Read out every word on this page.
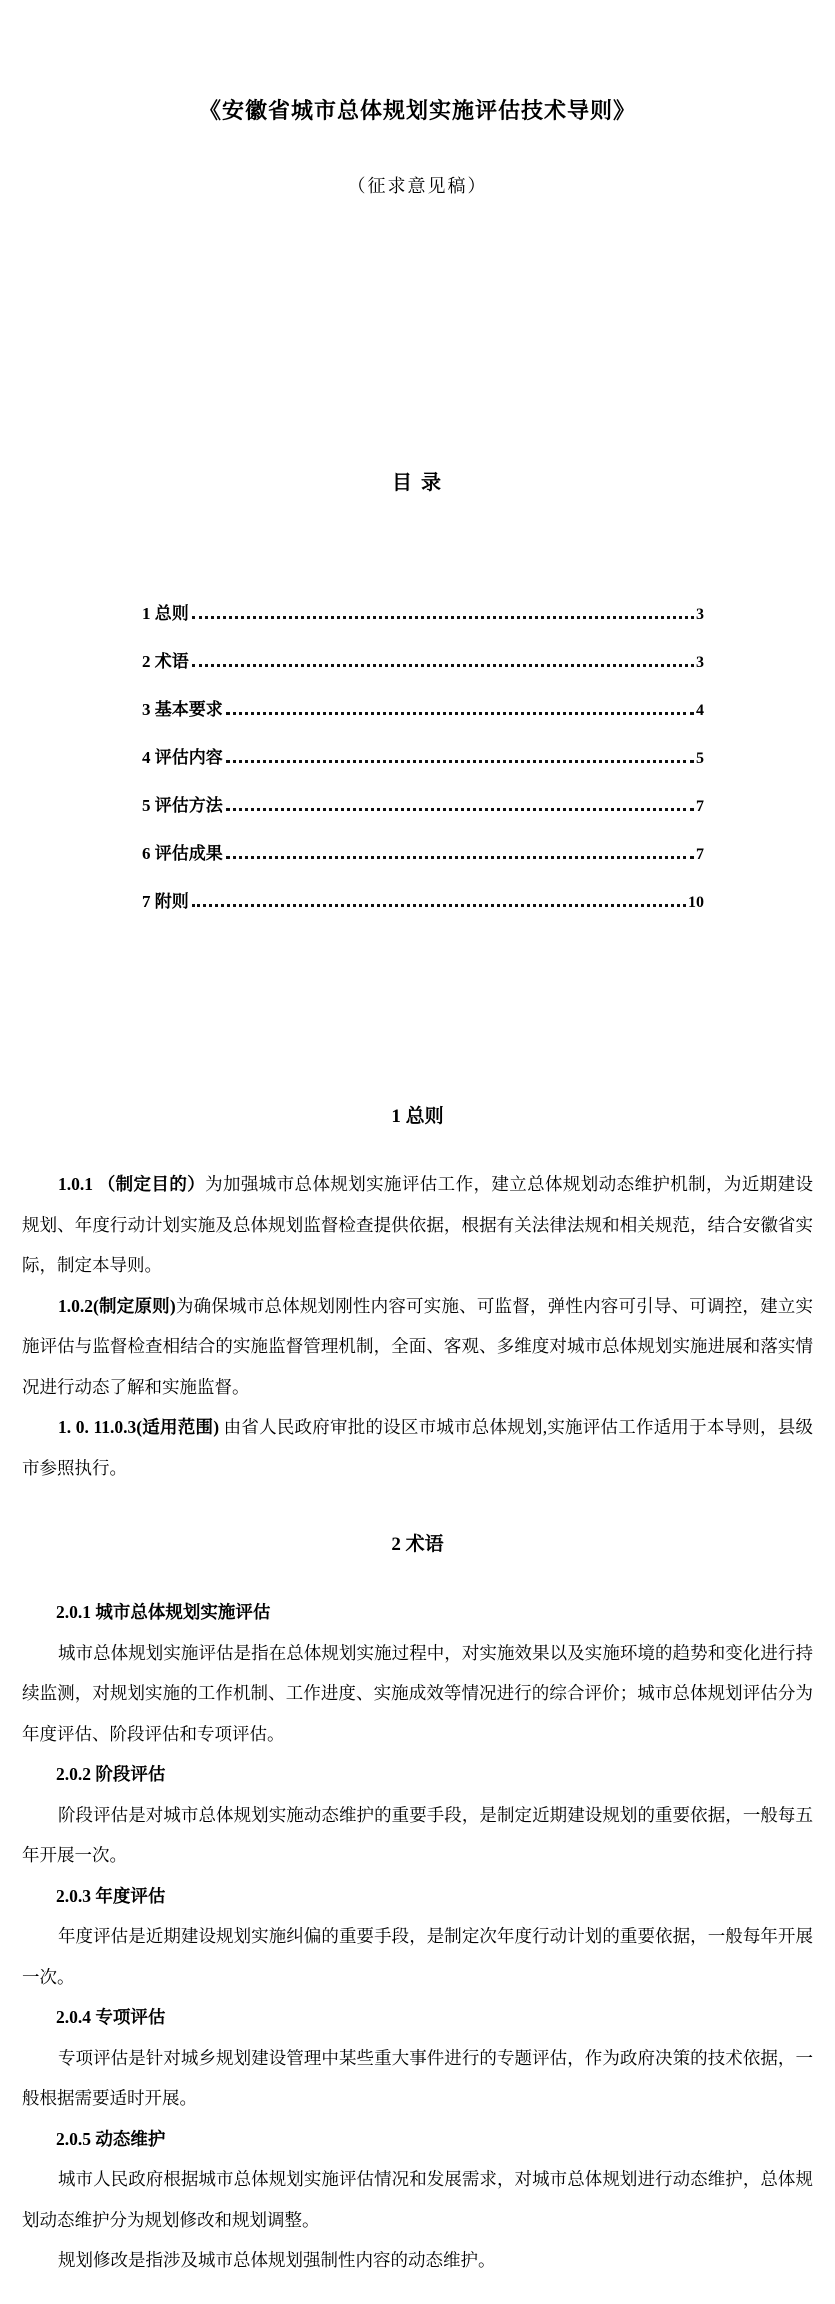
《安徽省城市总体规划实施评估技术导则》
（征求意见稿）
目 录
1 总则	3
2 术语	3
3 基本要求	4
4 评估内容	5
5 评估方法	7
6 评估成果	7
7 附则	10
1 总则

1.0.1 （制定目的）为加强城市总体规划实施评估工作，建立总体规划动态维护机制，为近期建设规划、年度行动计划实施及总体规划监督检查提供依据，根据有关法律法规和相关规范，结合安徽省实际，制定本导则。

1.0.2(制定原则)为确保城市总体规划刚性内容可实施、可监督，弹性内容可引导、可调控，建立实施评估与监督检查相结合的实施监督管理机制，全面、客观、多维度对城市总体规划实施进展和落实情况进行动态了解和实施监督。

1. 0. 11.0.3(适用范围) 由省人民政府审批的设区市城市总体规划,实施评估工作适用于本导则，县级市参照执行。

2 术语

2.0.1 城市总体规划实施评估

城市总体规划实施评估是指在总体规划实施过程中，对实施效果以及实施环境的趋势和变化进行持续监测，对规划实施的工作机制、工作进度、实施成效等情况进行的综合评价；城市总体规划评估分为年度评估、阶段评估和专项评估。

2.0.2 阶段评估

阶段评估是对城市总体规划实施动态维护的重要手段，是制定近期建设规划的重要依据，一般每五年开展一次。

2.0.3 年度评估

年度评估是近期建设规划实施纠偏的重要手段，是制定次年度行动计划的重要依据，一般每年开展一次。

2.0.4 专项评估

专项评估是针对城乡规划建设管理中某些重大事件进行的专题评估，作为政府决策的技术依据，一般根据需要适时开展。

2.0.5 动态维护

城市人民政府根据城市总体规划实施评估情况和发展需求，对城市总体规划进行动态维护，总体规划动态维护分为规划修改和规划调整。

规划修改是指涉及城市总体规划强制性内容的动态维护。
